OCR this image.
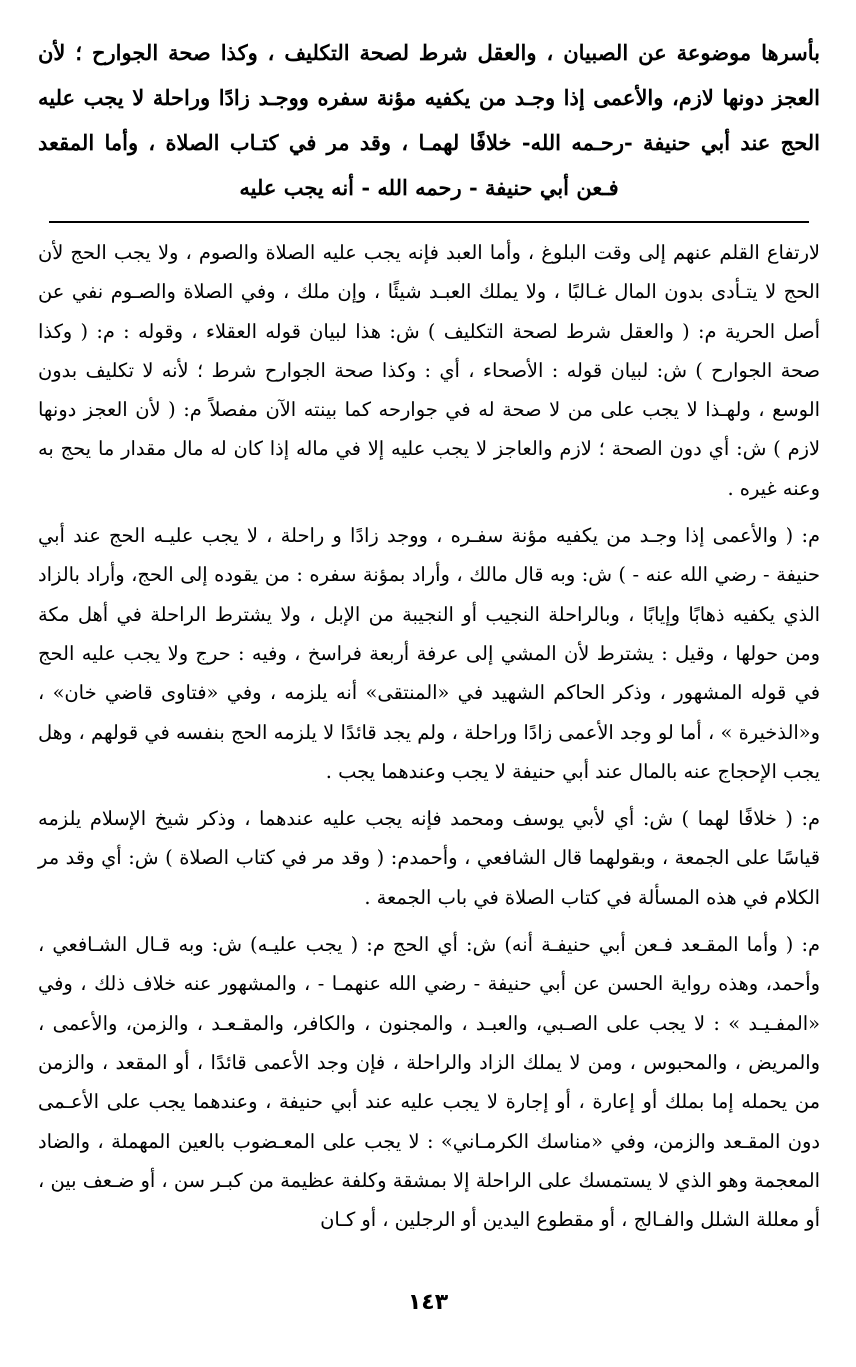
بأسرها موضوعة عن الصبيان ، والعقل شرط لصحة التكليف ، وكذا صحة الجوارح ؛ لأن العجز دونها لازم، والأعمى إذا وجـد من يكفيه مؤنة سفره ووجـد زادًا وراحلة لا يجب عليه الحج عند أبي حنيفة -رحـمه الله- خلافًا لهمـا ، وقد مر في كتـاب الصلاة ، وأما المقعد فـعن أبي حنيفة - رحمه الله - أنه يجب عليه

لارتفاع القلم عنهم إلى وقت البلوغ ، وأما العبد فإنه يجب عليه الصلاة والصوم ، ولا يجب الحج لأن الحج لا يتـأدى بدون المال غـالبًا ، ولا يملك العبـد شيئًا ، وإن ملك ، وفي الصلاة والصـوم نفي عن أصل الحرية م: ( والعقل شرط لصحة التكليف ) ش: هذا لبيان قوله العقلاء ، وقوله : م: ( وكذا صحة الجوارح ) ش: لبيان قوله : الأصحاء ، أي : وكذا صحة الجوارح شرط ؛ لأنه لا تكليف بدون الوسع ، ولهـذا لا يجب على من لا صحة له في جوارحه كما بينته الآن مفصلاً م: ( لأن العجز دونها لازم ) ش: أي دون الصحة ؛ لازم والعاجز لا يجب عليه إلا في ماله إذا كان له مال مقدار ما يحج به وعنه غيره .

م: ( والأعمى إذا وجـد من يكفيه مؤنة سفـره ، ووجد زادًا و راحلة ، لا يجب عليـه الحج عند أبي حنيفة - رضي الله عنه - ) ش: وبه قال مالك ، وأراد بمؤنة سفره : من يقوده إلى الحج، وأراد بالزاد الذي يكفيه ذهابًا وإيابًا ، وبالراحلة النجيب أو النجيبة من الإبل ، ولا يشترط الراحلة في أهل مكة ومن حولها ، وقيل : يشترط لأن المشي إلى عرفة أربعة فراسخ ، وفيه : حرج ولا يجب عليه الحج في قوله المشهور ، وذكر الحاكم الشهيد في «المنتقى» أنه يلزمه ، وفي «فتاوى قاضي خان» ، و«الذخيرة » ، أما لو وجد الأعمى زادًا وراحلة ، ولم يجد قائدًا لا يلزمه الحج بنفسه في قولهم ، وهل يجب الإحجاج عنه بالمال عند أبي حنيفة لا يجب وعندهما يجب .

م: ( خلافًا لهما ) ش: أي لأبي يوسف ومحمد فإنه يجب عليه عندهما ، وذكر شيخ الإسلام يلزمه قياسًا على الجمعة ، وبقولهما قال الشافعي ، وأحمدم: ( وقد مر في كتاب الصلاة ) ش: أي وقد مر الكلام في هذه المسألة في كتاب الصلاة في باب الجمعة .

م: ( وأما المقـعد فـعن أبي حنيفـة أنه) ش: أي الحج م: ( يجب عليـه) ش: وبه قـال الشـافعي ، وأحمد، وهذه رواية الحسن عن أبي حنيفة - رضي الله عنهمـا - ، والمشهور عنه خلاف ذلك ، وفي «المفـيـد » : لا يجب على الصـبي، والعبـد ، والمجنون ، والكافر، والمقـعـد ، والزمن، والأعمى ، والمريض ، والمحبوس ، ومن لا يملك الزاد والراحلة ، فإن وجد الأعمى قائدًا ، أو المقعد ، والزمن من يحمله إما بملك أو إعارة ، أو إجارة لا يجب عليه عند أبي حنيفة ، وعندهما يجب على الأعـمى دون المقـعد والزمن، وفي «مناسك الكرمـاني» : لا يجب على المعـضوب بالعين المهملة ، والضاد المعجمة وهو الذي لا يستمسك على الراحلة إلا بمشقة وكلفة عظيمة من كبـر سن ، أو ضـعف بين ، أو معللة الشلل والفـالج ، أو مقطوع اليدين أو الرجلين ، أو كـان

١٤٣
